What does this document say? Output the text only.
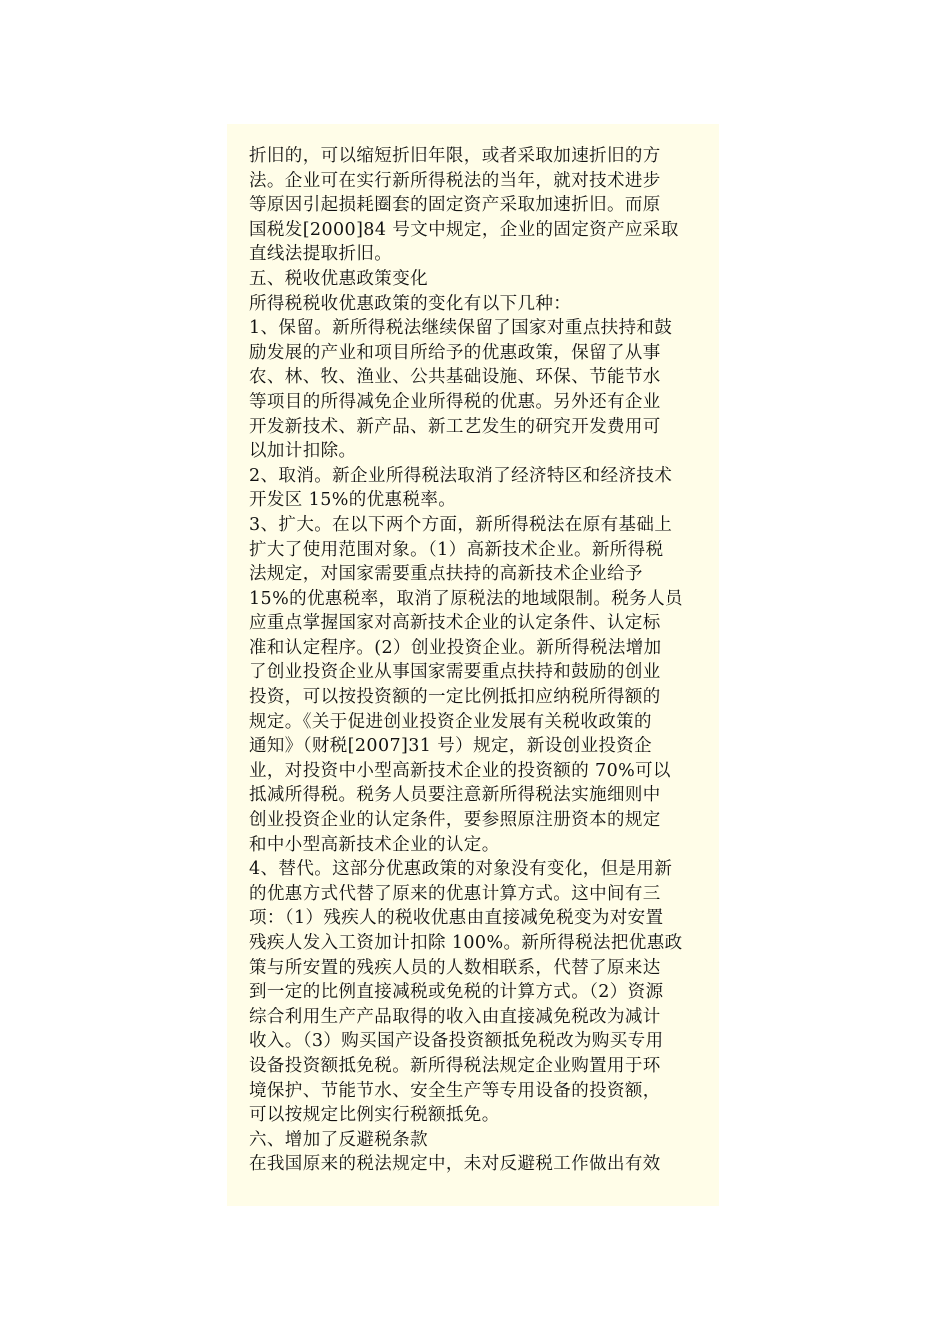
折旧的，可以缩短折旧年限，或者采取加速折旧的方
法。企业可在实行新所得税法的当年，就对技术进步
等原因引起损耗圈套的固定资产采取加速折旧。而原
国税发[2000]84 号文中规定，企业的固定资产应采取
直线法提取折旧。
五、税收优惠政策变化
所得税税收优惠政策的变化有以下几种：
1、保留。新所得税法继续保留了国家对重点扶持和鼓
励发展的产业和项目所给予的优惠政策，保留了从事
农、林、牧、渔业、公共基础设施、环保、节能节水
等项目的所得减免企业所得税的优惠。另外还有企业
开发新技术、新产品、新工艺发生的研究开发费用可
以加计扣除。
2、取消。新企业所得税法取消了经济特区和经济技术
开发区 15%的优惠税率。
3、扩大。在以下两个方面，新所得税法在原有基础上
扩大了使用范围对象。（1）高新技术企业。新所得税
法规定，对国家需要重点扶持的高新技术企业给予
15%的优惠税率，取消了原税法的地域限制。税务人员
应重点掌握国家对高新技术企业的认定条件、认定标
准和认定程序。(2）创业投资企业。新所得税法增加
了创业投资企业从事国家需要重点扶持和鼓励的创业
投资，可以按投资额的一定比例抵扣应纳税所得额的
规定。《关于促进创业投资企业发展有关税收政策的
通知》（财税[2007]31 号）规定，新设创业投资企
业，对投资中小型高新技术企业的投资额的 70%可以
抵减所得税。税务人员要注意新所得税法实施细则中
创业投资企业的认定条件，要参照原注册资本的规定
和中小型高新技术企业的认定。
4、替代。这部分优惠政策的对象没有变化，但是用新
的优惠方式代替了原来的优惠计算方式。这中间有三
项：（1）残疾人的税收优惠由直接减免税变为对安置
残疾人发入工资加计扣除 100%。新所得税法把优惠政
策与所安置的残疾人员的人数相联系，代替了原来达
到一定的比例直接减税或免税的计算方式。（2）资源
综合利用生产产品取得的收入由直接减免税改为减计
收入。（3）购买国产设备投资额抵免税改为购买专用
设备投资额抵免税。新所得税法规定企业购置用于环
境保护、节能节水、安全生产等专用设备的投资额，
可以按规定比例实行税额抵免。
六、增加了反避税条款
在我国原来的税法规定中，未对反避税工作做出有效
